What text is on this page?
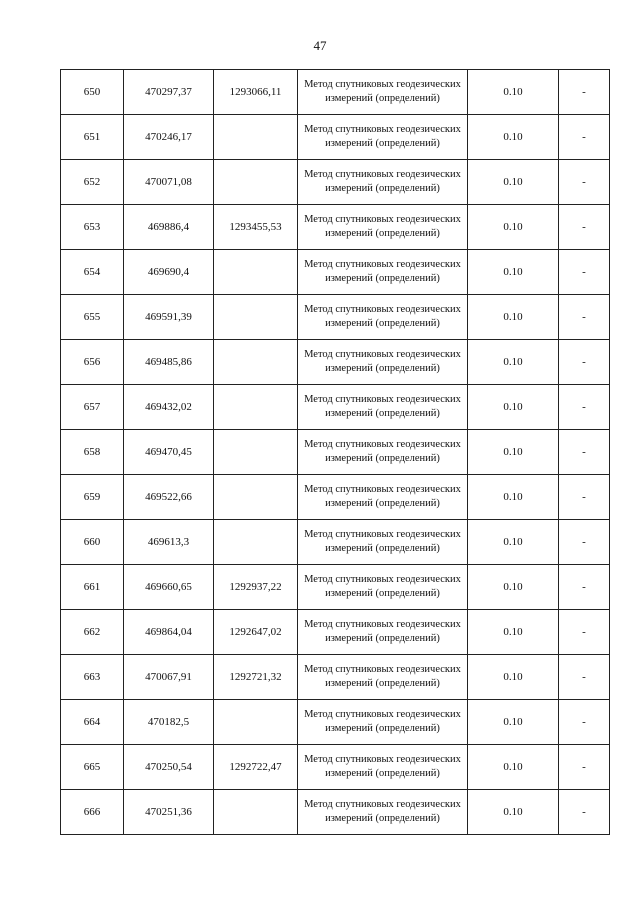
47
650	470297,37	1293066,11	Метод спутниковых геодезических измерений (определений)	0.10	-
651	470246,17		Метод спутниковых геодезических измерений (определений)	0.10	-
652	470071,08		Метод спутниковых геодезических измерений (определений)	0.10	-
653	469886,4	1293455,53	Метод спутниковых геодезических измерений (определений)	0.10	-
654	469690,4		Метод спутниковых геодезических измерений (определений)	0.10	-
655	469591,39		Метод спутниковых геодезических измерений (определений)	0.10	-
656	469485,86		Метод спутниковых геодезических измерений (определений)	0.10	-
657	469432,02		Метод спутниковых геодезических измерений (определений)	0.10	-
658	469470,45		Метод спутниковых геодезических измерений (определений)	0.10	-
659	469522,66		Метод спутниковых геодезических измерений (определений)	0.10	-
660	469613,3		Метод спутниковых геодезических измерений (определений)	0.10	-
661	469660,65	1292937,22	Метод спутниковых геодезических измерений (определений)	0.10	-
662	469864,04	1292647,02	Метод спутниковых геодезических измерений (определений)	0.10	-
663	470067,91	1292721,32	Метод спутниковых геодезических измерений (определений)	0.10	-
664	470182,5		Метод спутниковых геодезических измерений (определений)	0.10	-
665	470250,54	1292722,47	Метод спутниковых геодезических измерений (определений)	0.10	-
666	470251,36		Метод спутниковых геодезических измерений (определений)	0.10	-
